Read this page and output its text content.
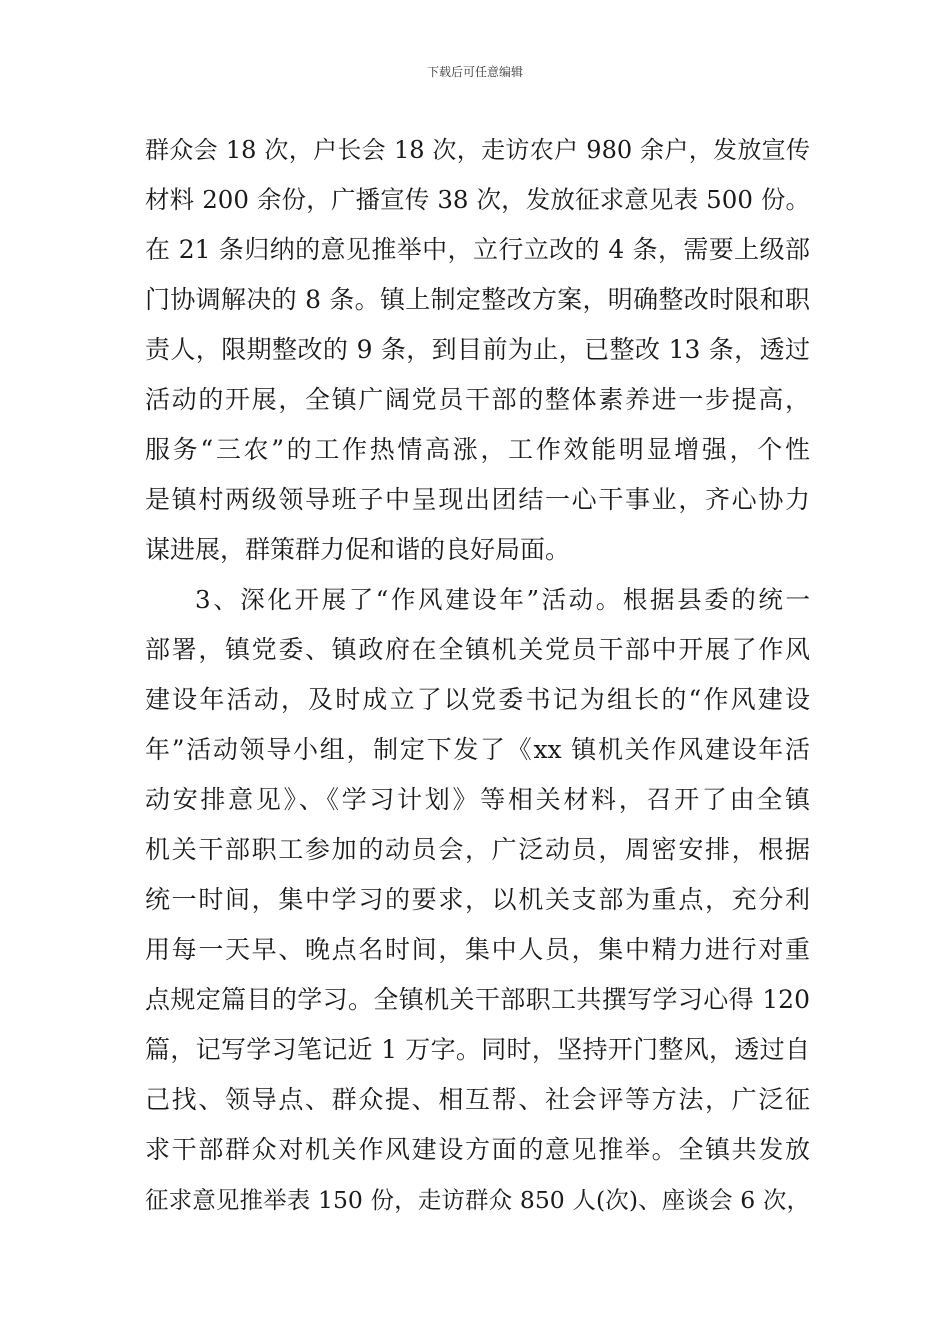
下载后可任意编辑
群众会 18 次，户长会 18 次，走访农户 980 余户，发放宣传
材料 200 余份，广播宣传 38 次，发放征求意见表 500 份。
在 21 条归纳的意见推举中，立行立改的 4 条，需要上级部
门协调解决的 8 条。镇上制定整改方案，明确整改时限和职
责人，限期整改的 9 条，到目前为止，已整改 13 条，透过
活动的开展，全镇广阔党员干部的整体素养进一步提高，
服务“三农”的工作热情高涨，工作效能明显增强，个性
是镇村两级领导班子中呈现出团结一心干事业，齐心协力
谋进展，群策群力促和谐的良好局面。
3、深化开展了“作风建设年”活动。根据县委的统一
部署，镇党委、镇政府在全镇机关党员干部中开展了作风
建设年活动，及时成立了以党委书记为组长的“作风建设
年”活动领导小组，制定下发了《xx 镇机关作风建设年活
动安排意见》、《学习计划》等相关材料，召开了由全镇
机关干部职工参加的动员会，广泛动员，周密安排，根据
统一时间，集中学习的要求，以机关支部为重点，充分利
用每一天早、晚点名时间，集中人员，集中精力进行对重
点规定篇目的学习。全镇机关干部职工共撰写学习心得 120
篇，记写学习笔记近 1 万字。同时，坚持开门整风，透过自
己找、领导点、群众提、相互帮、社会评等方法，广泛征
求干部群众对机关作风建设方面的意见推举。全镇共发放
征求意见推举表 150 份，走访群众 850 人(次)、座谈会 6 次，
